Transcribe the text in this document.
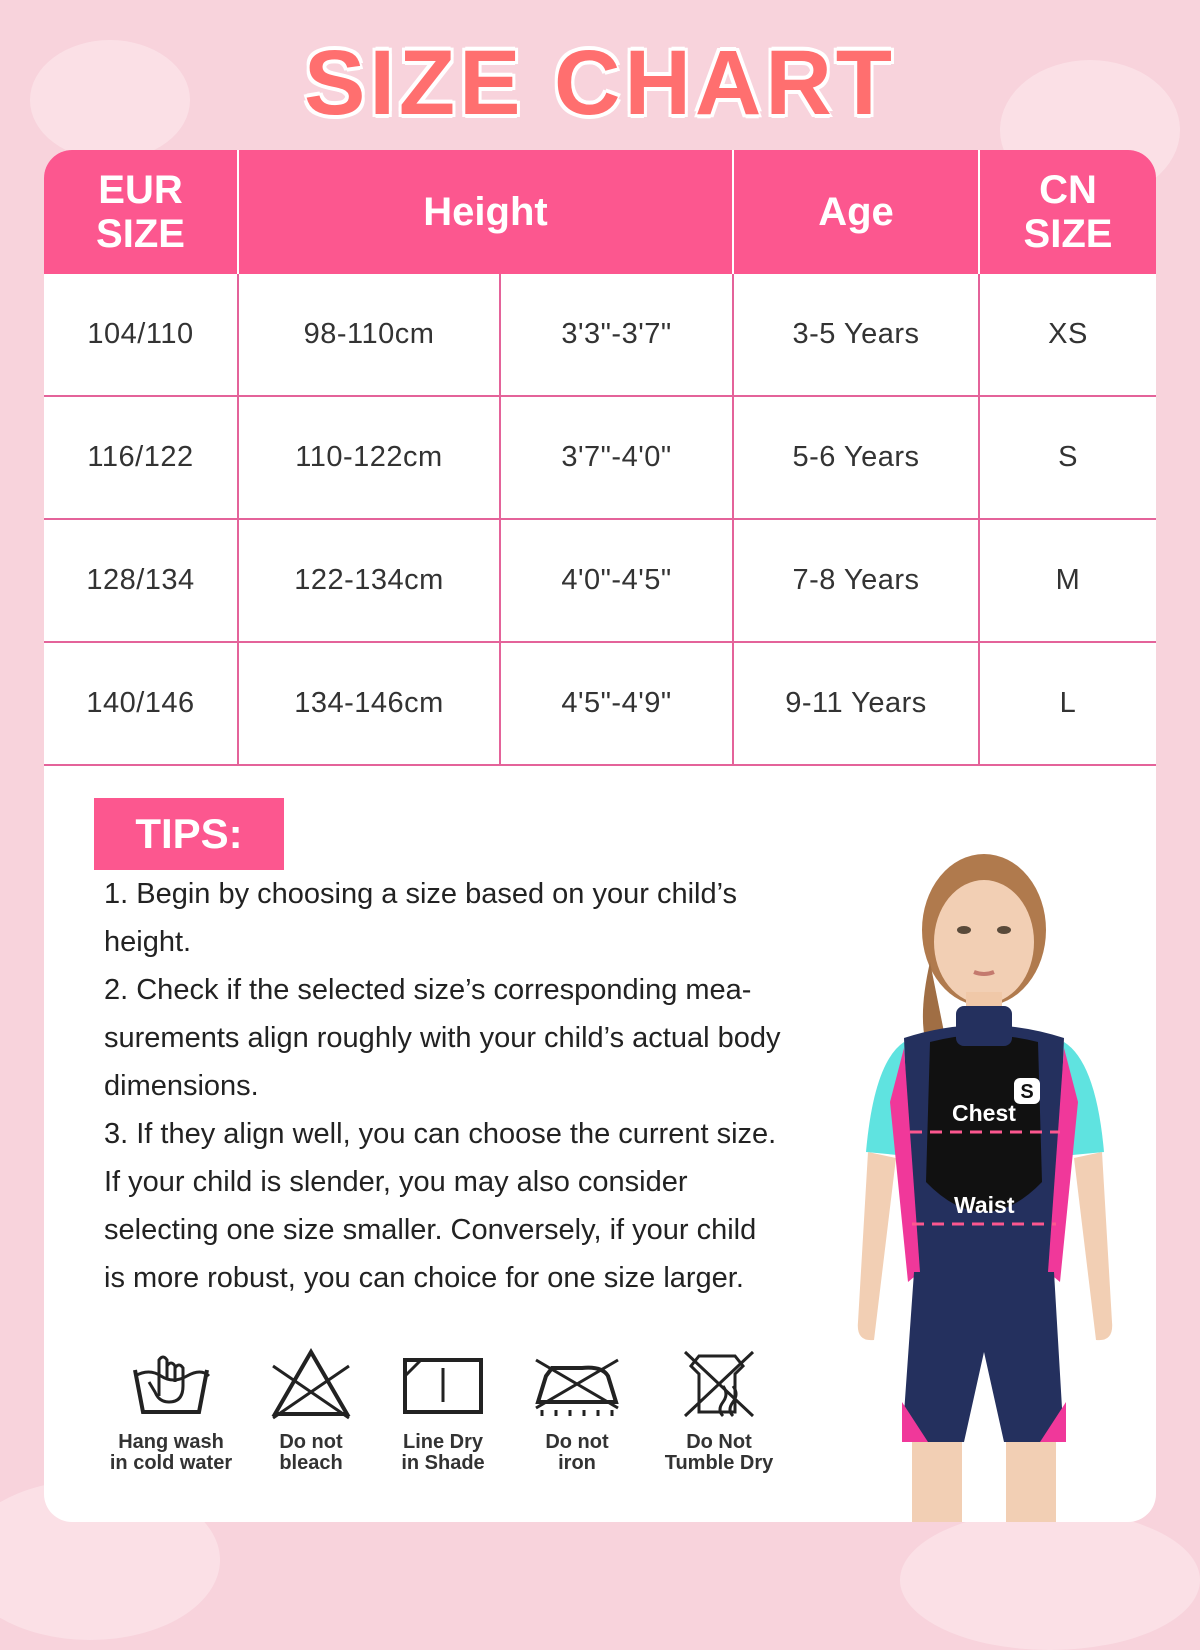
SIZE CHART
EUR
SIZE	Height		Age	CN
SIZE
104/110	98-110cm	3'3"-3'7"	3-5 Years	XS
116/122	110-122cm	3'7"-4'0"	5-6 Years	S
128/134	122-134cm	4'0"-4'5"	7-8 Years	M
140/146	134-146cm	4'5"-4'9"	9-11 Years	L
TIPS:

1. Begin by choosing a size based on your child’s height.

2. Check if the selected size’s corresponding mea-surements align roughly with your child’s actual body dimensions.

3. If they align well, you can choose the current size. If your child is slender, you may also consider selecting one size smaller. Conversely, if your child is more robust, you can choice for one size larger.

Hang wash
in cold water
Do not
bleach
Line Dry
in Shade
Do not
iron
Do Not
Tumble Dry
S
Chest
Waist
